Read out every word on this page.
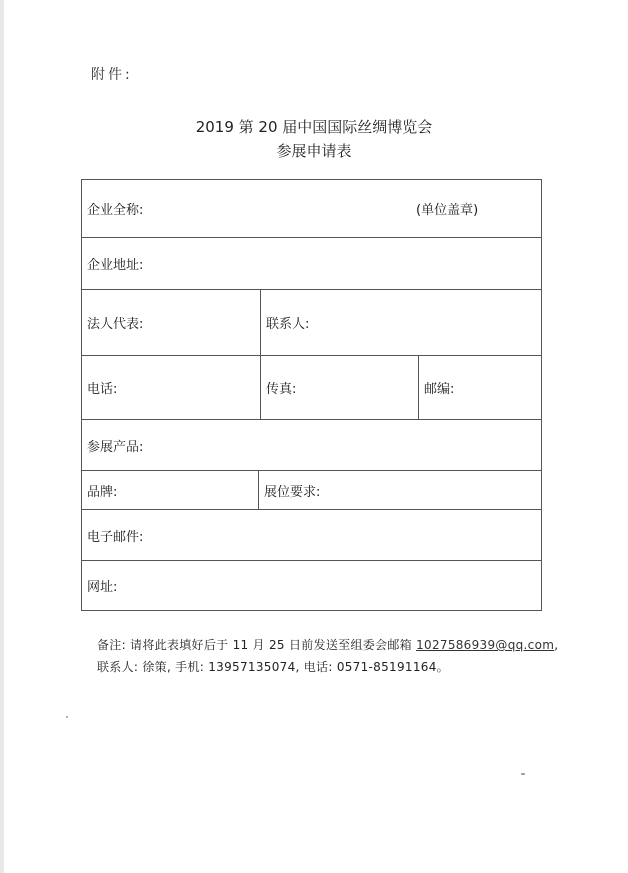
附件:
2019 第 20 届中国国际丝绸博览会
参展申请表
企业全称:	(单位盖章)
企业地址:
法人代表:	联系人:
电话:	传真:	邮编:
参展产品:
品牌:	展位要求:
电子邮件:
网址:
备注: 请将此表填好后于 11 月 25 日前发送至组委会邮箱 1027586939@qq.com,
联系人: 徐策, 手机: 13957135074, 电话: 0571-85191164。
